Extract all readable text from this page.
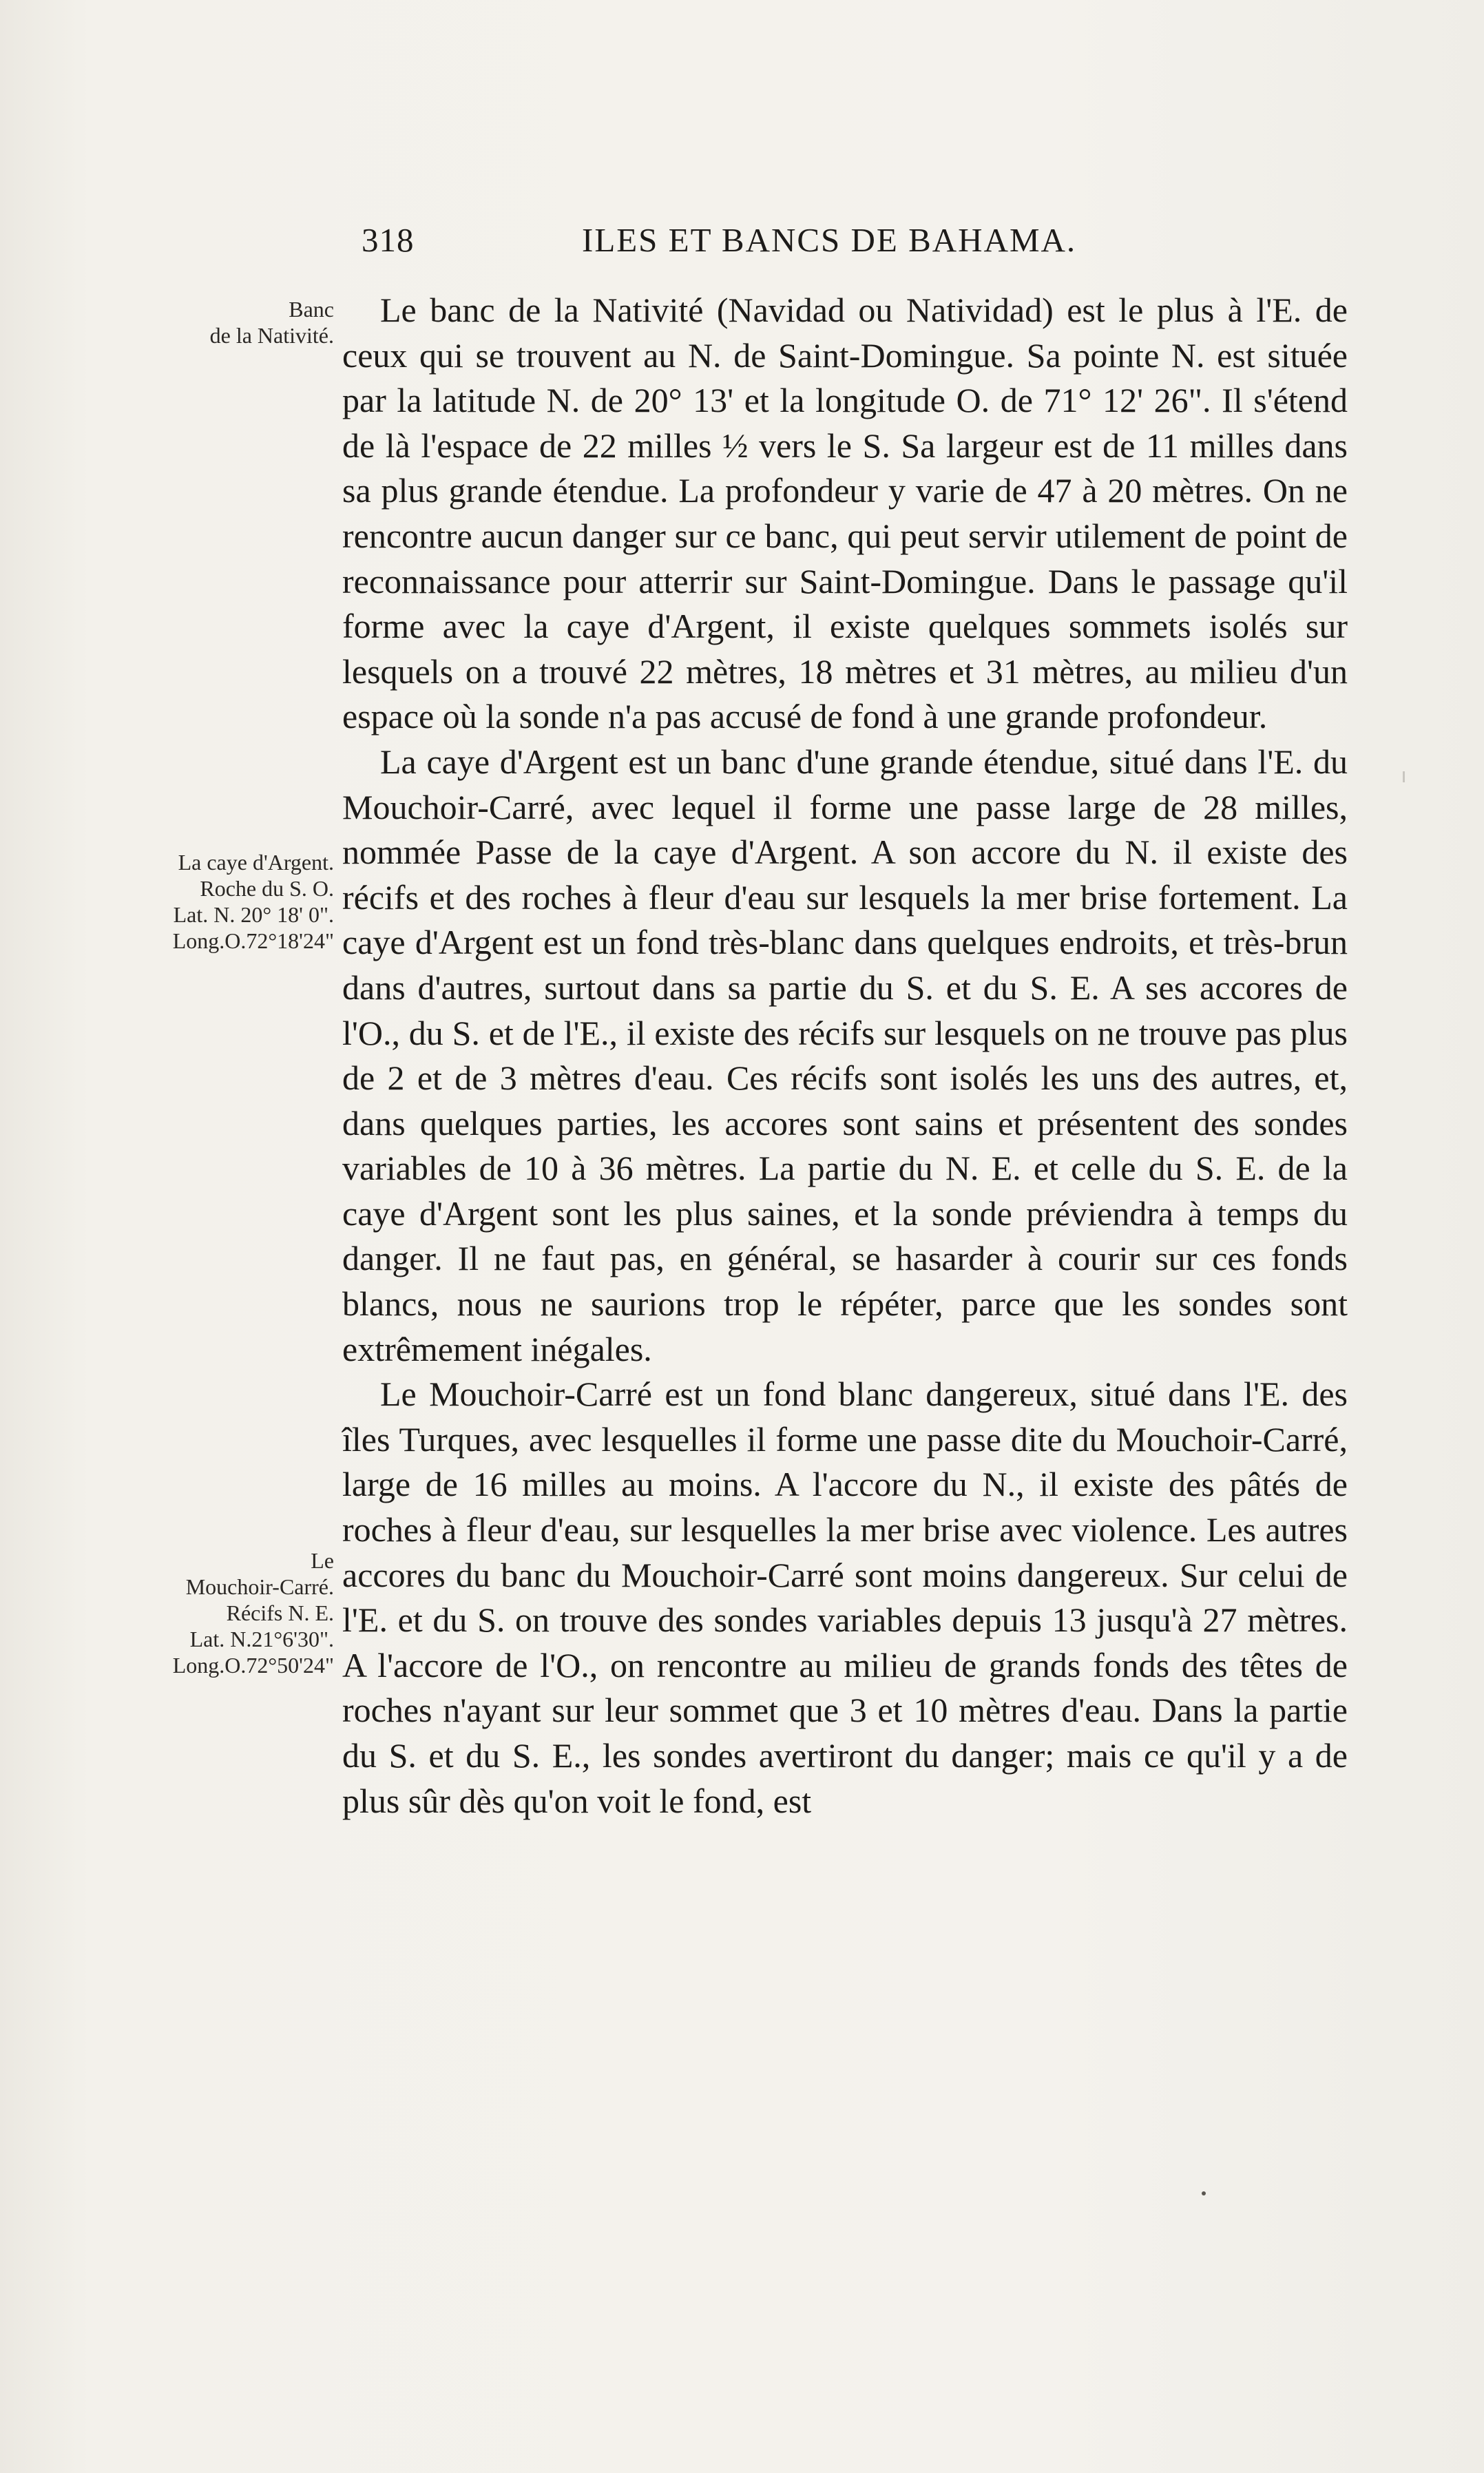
318	ILES ET BANCS DE BAHAMA.
Banc
de la Nativité.
La caye d'Argent.
Roche du S. O.
Lat. N. 20° 18' 0".
Long.O.72°18'24"
Le
Mouchoir-Carré.
Récifs N. E.
Lat. N.21°6'30".
Long.O.72°50'24"

Le banc de la Nativité (Navidad ou Natividad) est le plus à l'E. de ceux qui se trouvent au N. de Saint-Domingue. Sa pointe N. est située par la latitude N. de 20° 13' et la longitude O. de 71° 12' 26". Il s'étend de là l'espace de 22 milles ½ vers le S. Sa largeur est de 11 milles dans sa plus grande étendue. La profondeur y varie de 47 à 20 mètres. On ne rencontre aucun danger sur ce banc, qui peut servir utilement de point de reconnaissance pour atterrir sur Saint-Domingue. Dans le passage qu'il forme avec la caye d'Argent, il existe quelques sommets isolés sur lesquels on a trouvé 22 mètres, 18 mètres et 31 mètres, au milieu d'un espace où la sonde n'a pas accusé de fond à une grande profondeur.

La caye d'Argent est un banc d'une grande étendue, situé dans l'E. du Mouchoir-Carré, avec lequel il forme une passe large de 28 milles, nommée Passe de la caye d'Argent. A son accore du N. il existe des récifs et des roches à fleur d'eau sur lesquels la mer brise fortement. La caye d'Argent est un fond très-blanc dans quelques endroits, et très-brun dans d'autres, surtout dans sa partie du S. et du S. E. A ses accores de l'O., du S. et de l'E., il existe des récifs sur lesquels on ne trouve pas plus de 2 et de 3 mètres d'eau. Ces récifs sont isolés les uns des autres, et, dans quelques parties, les accores sont sains et présentent des sondes variables de 10 à 36 mètres. La partie du N. E. et celle du S. E. de la caye d'Argent sont les plus saines, et la sonde préviendra à temps du danger. Il ne faut pas, en général, se hasarder à courir sur ces fonds blancs, nous ne saurions trop le répéter, parce que les sondes sont extrêmement inégales.

Le Mouchoir-Carré est un fond blanc dangereux, situé dans l'E. des îles Turques, avec lesquelles il forme une passe dite du Mouchoir-Carré, large de 16 milles au moins. A l'accore du N., il existe des pâtés de roches à fleur d'eau, sur lesquelles la mer brise avec violence. Les autres accores du banc du Mouchoir-Carré sont moins dangereux. Sur celui de l'E. et du S. on trouve des sondes variables depuis 13 jusqu'à 27 mètres. A l'accore de l'O., on rencontre au milieu de grands fonds des têtes de roches n'ayant sur leur sommet que 3 et 10 mètres d'eau. Dans la partie du S. et du S. E., les sondes avertiront du danger; mais ce qu'il y a de plus sûr dès qu'on voit le fond, est
